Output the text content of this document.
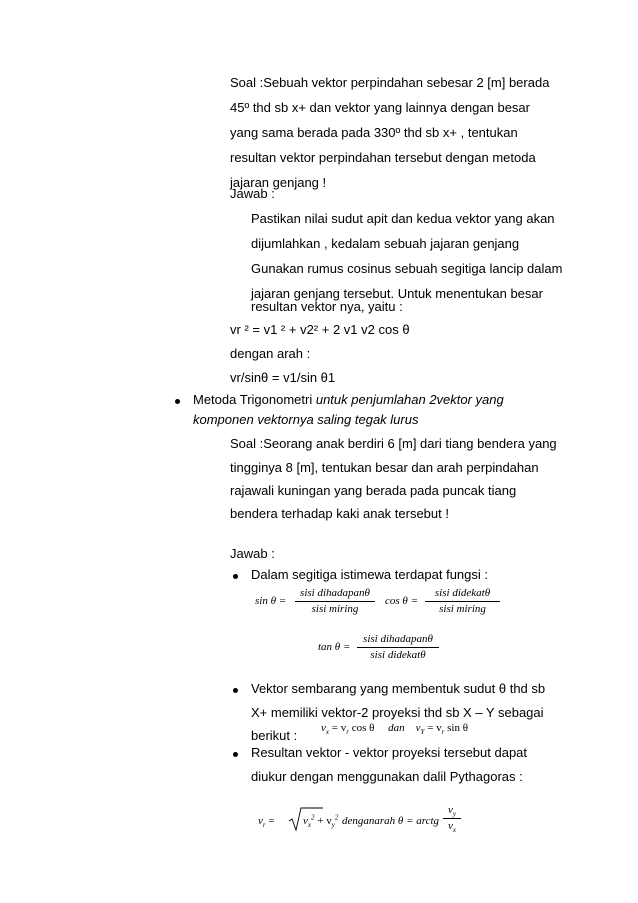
Soal :Sebuah vektor perpindahan sebesar 2 [m] berada
45º thd sb x+ dan vektor yang lainnya dengan besar
yang sama berada pada 330º thd sb x+ , tentukan
resultan vektor perpindahan tersebut dengan metoda
jajaran genjang !
Jawab :
Pastikan nilai sudut apit dan kedua vektor yang akan
dijumlahkan , kedalam sebuah jajaran genjang
Gunakan rumus cosinus sebuah segitiga lancip dalam
jajaran genjang tersebut. Untuk menentukan besar
resultan vektor nya, yaitu :
vr ² = v1 ² + v2² + 2 v1 v2 cos θ
dengan arah :
vr/sinθ = v1/sin θ1
Metoda Trigonometri untuk penjumlahan 2vektor yang
komponen vektornya saling tegak lurus
Soal :Seorang anak berdiri 6 [m] dari tiang bendera yang
tingginya 8 [m], tentukan besar dan arah perpindahan
rajawali kuningan yang berada pada puncak tiang
bendera terhadap kaki anak tersebut !
Jawab :
Dalam segitiga istimewa terdapat fungsi :
sin θ =
sisi dihadapanθ
sisi miring
cos θ =
sisi didekatθ
sisi miring
tan θ =
sisi dihadapanθ
sisi didekatθ
Vektor sembarang yang membentuk sudut θ thd sb
X+ memiliki vektor-2 proyeksi thd sb X – Y sebagai
berikut : $v_x = v_r$ cos θ dan $v_Y = v_r$ sin θ
Resultan vektor - vektor proyeksi tersebut dapat
diukur dengan menggunakan dalil Pythagoras :
$v_r$ =	$v_x^2 + v_y^2$ denganarah θ = arctg $\frac{v_y}{v_x}$
